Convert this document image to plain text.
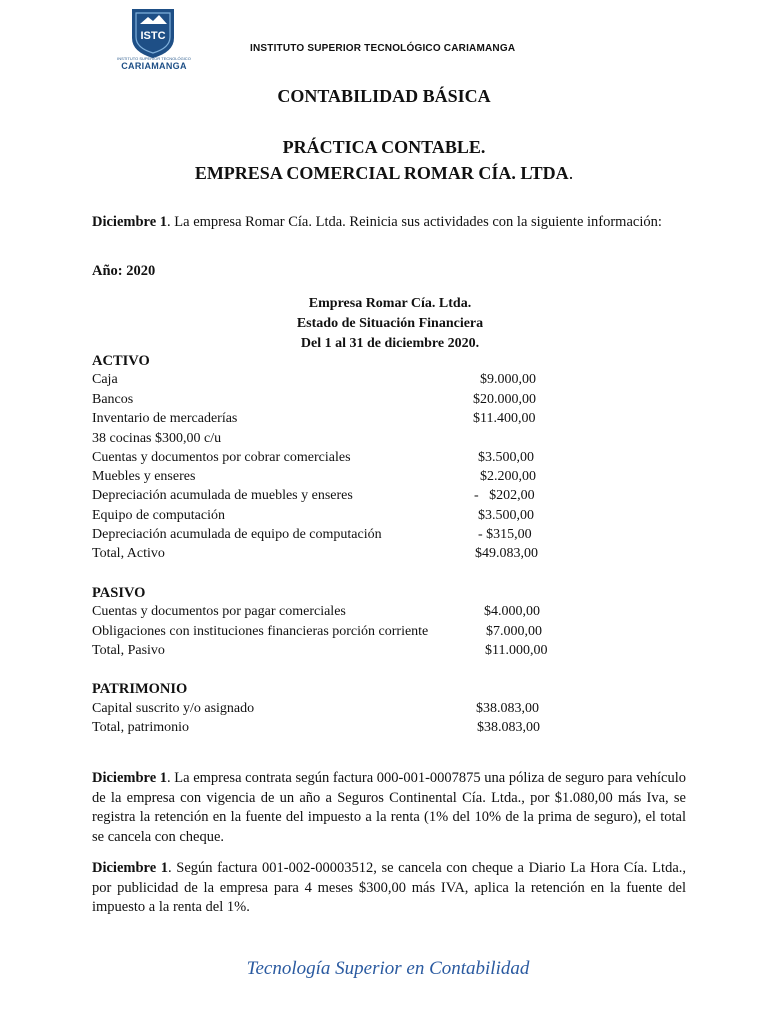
ISTC
INSTITUTO SUPERIOR TECNOLÓGICO
CARIAMANGA
INSTITUTO SUPERIOR TECNOLÓGICO CARIAMANGA
CONTABILIDAD BÁSICA
PRÁCTICA CONTABLE.
EMPRESA COMERCIAL ROMAR CÍA. LTDA.
Diciembre 1. La empresa Romar Cía. Ltda. Reinicia sus actividades con la siguiente información:
Año: 2020
Empresa Romar Cía. Ltda.
Estado de Situación Financiera
Del 1 al 31 de diciembre 2020.
ACTIVO
Caja	$9.000,00
Bancos	$20.000,00
Inventario de mercaderías	$11.400,00
38 cocinas $300,00 c/u
Cuentas y documentos por cobrar comerciales	$3.500,00
Muebles y enseres	$2.200,00
Depreciación acumulada de muebles y enseres	-   $202,00
Equipo de computación	$3.500,00
Depreciación acumulada de equipo de computación	- $315,00
Total, Activo	$49.083,00
PASIVO
Cuentas y documentos por pagar comerciales	$4.000,00
Obligaciones con instituciones financieras porción corriente	$7.000,00
Total, Pasivo	$11.000,00
PATRIMONIO
Capital suscrito y/o asignado	$38.083,00
Total, patrimonio	$38.083,00
Diciembre 1. La empresa contrata según factura 000-001-0007875 una póliza de seguro para vehículo de la empresa con vigencia de un año a Seguros Continental Cía. Ltda., por $1.080,00 más Iva, se registra la retención en la fuente del impuesto a la renta (1% del 10% de la prima de seguro), el total se cancela con cheque.
Diciembre 1. Según factura 001-002-00003512, se cancela con cheque a Diario La Hora Cía. Ltda., por publicidad de la empresa para 4 meses $300,00 más IVA, aplica la retención en la fuente del impuesto a la renta del 1%.
Tecnología Superior en Contabilidad
